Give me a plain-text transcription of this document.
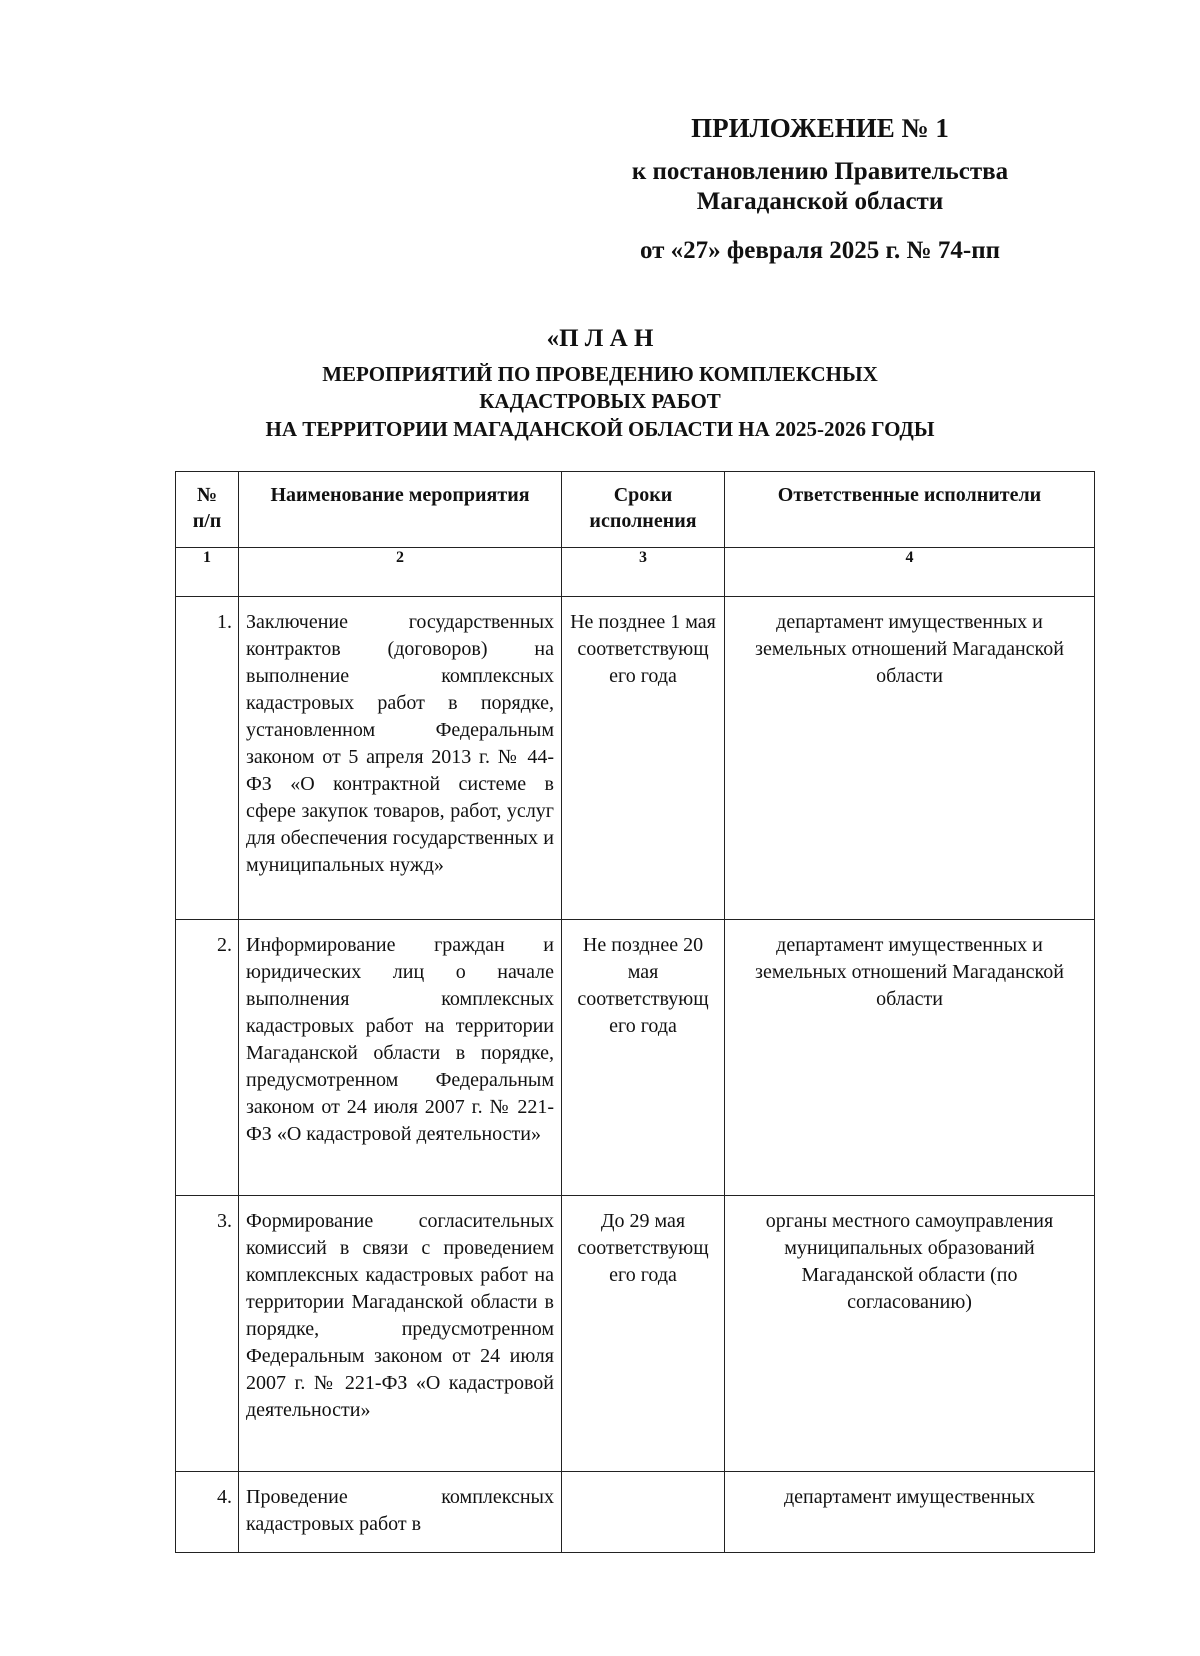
ПРИЛОЖЕНИЕ № 1
к постановлению Правительства
Магаданской области
от «27» февраля 2025 г. № 74-пп
«П Л А Н
МЕРОПРИЯТИЙ ПО ПРОВЕДЕНИЮ КОМПЛЕКСНЫХ
КАДАСТРОВЫХ РАБОТ
НА ТЕРРИТОРИИ МАГАДАНСКОЙ ОБЛАСТИ НА 2025-2026 ГОДЫ
№ п/п	Наименование мероприятия	Сроки исполнения	Ответственные исполнители
1	2	3	4
1.	Заключение государственных контрактов (договоров) на выполнение комплексных кадастровых работ в порядке, установленном Федеральным законом от 5 апреля 2013 г. № 44-ФЗ «О контрактной системе в сфере закупок товаров, работ, услуг для обеспечения государственных и муниципальных нужд»	Не позднее 1 мая соответствующ его года	департамент имущественных и земельных отношений Магаданской области
2.	Информирование граждан и юридических лиц о начале выполнения комплексных кадастровых работ на территории Магаданской области в порядке, предусмотренном Федеральным законом от 24 июля 2007 г. № 221-ФЗ «О кадастровой деятельности»	Не позднее 20 мая соответствующ его года	департамент имущественных и земельных отношений Магаданской области
3.	Формирование согласительных комиссий в связи с проведением комплексных кадастровых работ на территории Магаданской области в порядке, предусмотренном Федеральным законом от 24 июля 2007 г. № 221-ФЗ «О кадастровой деятельности»	До 29 мая соответствующ его года	органы местного самоуправления муниципальных образований Магаданской области (по согласованию)
4.	Проведение комплексных кадастровых работ в		департамент имущественных
